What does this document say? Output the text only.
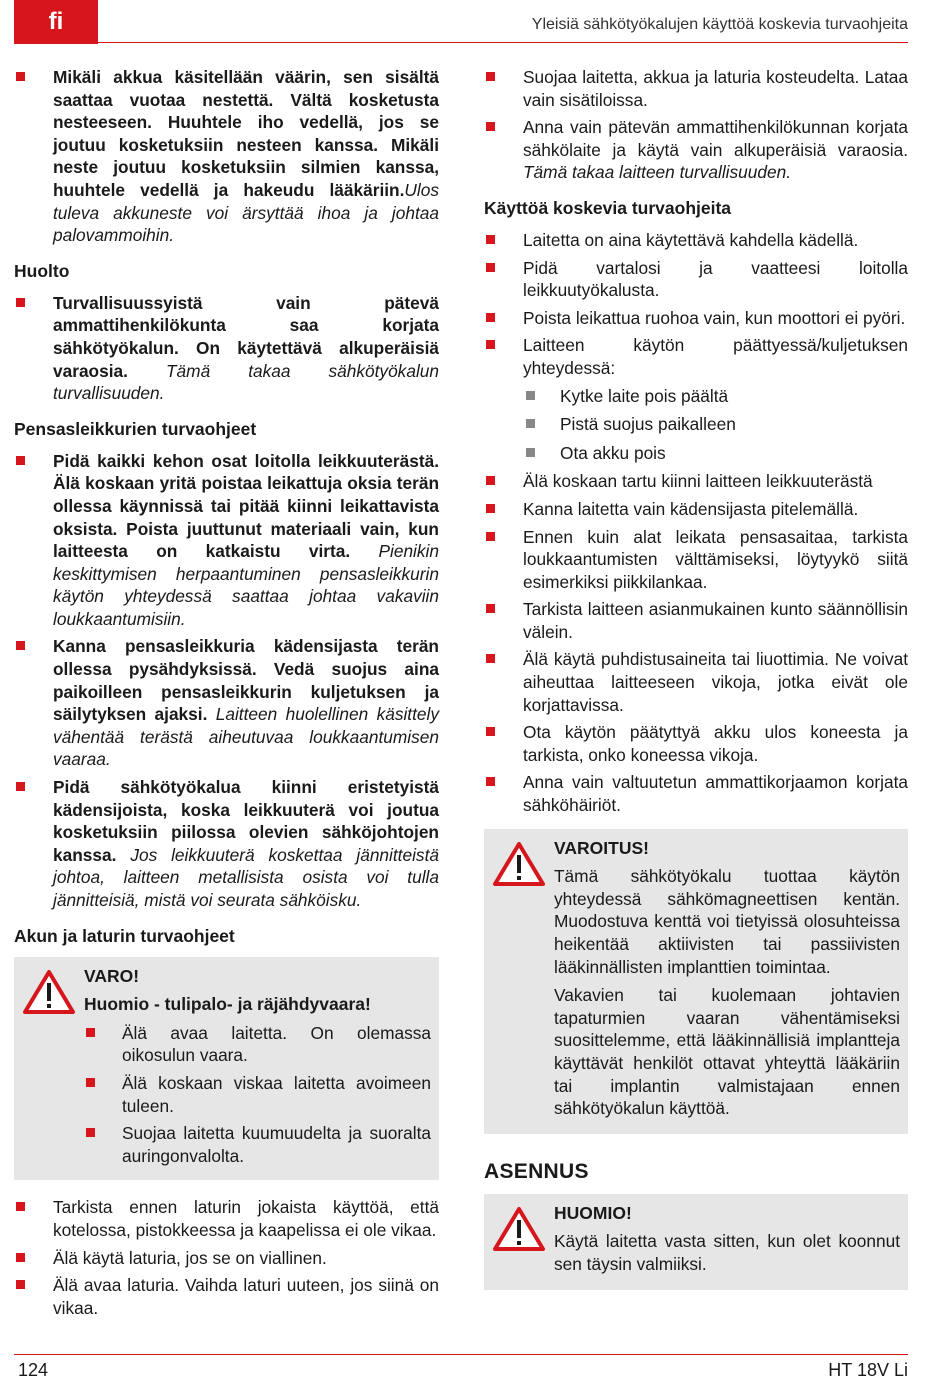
fi	Yleisiä sähkötyökalujen käyttöä koskevia turvaohjeita
Mikäli akkua käsitellään väärin, sen sisältä saattaa vuotaa nestettä. Vältä kosketusta nesteeseen. Huuhtele iho vedellä, jos se joutuu kosketuksiin nesteen kanssa. Mikäli neste joutuu kosketuksiin silmien kanssa, huuhtele vedellä ja hakeudu lääkäriin.Ulos tuleva akkuneste voi ärsyttää ihoa ja johtaa palovammoihin.
Huolto
Turvallisuussyistä vain pätevä ammattihenkilökunta saa korjata sähkötyökalun. On käytettävä alkuperäisiä varaosia. Tämä takaa sähkötyökalun turvallisuuden.
Pensasleikkurien turvaohjeet
Pidä kaikki kehon osat loitolla leikkuuterästä. Älä koskaan yritä poistaa leikattuja oksia terän ollessa käynnissä tai pitää kiinni leikattavista oksista. Poista juuttunut materiaali vain, kun laitteesta on katkaistu virta. Pienikin keskittymisen herpaantuminen pensasleikkurin käytön yhteydessä saattaa johtaa vakaviin loukkaantumisiin.
Kanna pensasleikkuria kädensijasta terän ollessa pysähdyksissä. Vedä suojus aina paikoilleen pensasleikkurin kuljetuksen ja säilytyksen ajaksi. Laitteen huolellinen käsittely vähentää terästä aiheutuvaa loukkaantumisen vaaraa.
Pidä sähkötyökalua kiinni eristetyistä kädensijoista, koska leikkuuterä voi joutua kosketuksiin piilossa olevien sähköjohtojen kanssa. Jos leikkuuterä koskettaa jännitteistä johtoa, laitteen metallisista osista voi tulla jännitteisiä, mistä voi seurata sähköisku.
Akun ja laturin turvaohjeet
VARO!
Huomio - tulipalo- ja räjähdyvaara!
Älä avaa laitetta. On olemassa oikosulun vaara.
Älä koskaan viskaa laitetta avoimeen tuleen.
Suojaa laitetta kuumuudelta ja suoralta auringonvalolta.
Tarkista ennen laturin jokaista käyttöä, että kotelossa, pistokkeessa ja kaapelissa ei ole vikaa.
Älä käytä laturia, jos se on viallinen.
Älä avaa laturia. Vaihda laturi uuteen, jos siinä on vikaa.
Suojaa laitetta, akkua ja laturia kosteudelta. Lataa vain sisätiloissa.
Anna vain pätevän ammattihenkilökunnan korjata sähkölaite ja käytä vain alkuperäisiä varaosia. Tämä takaa laitteen turvallisuuden.
Käyttöä koskevia turvaohjeita
Laitetta on aina käytettävä kahdella kädellä.
Pidä vartalosi ja vaatteesi loitolla leikkuutyökalusta.
Poista leikattua ruohoa vain, kun moottori ei pyöri.
Laitteen käytön päättyessä/kuljetuksen yhteydessä:
Kytke laite pois päältä
Pistä suojus paikalleen
Ota akku pois
Älä koskaan tartu kiinni laitteen leikkuuterästä
Kanna laitetta vain kädensijasta pitelemällä.
Ennen kuin alat leikata pensasaitaa, tarkista loukkaantumisten välttämiseksi, löytyykö siitä esimerkiksi piikkilankaa.
Tarkista laitteen asianmukainen kunto säännöllisin välein.
Älä käytä puhdistusaineita tai liuottimia. Ne voivat aiheuttaa laitteeseen vikoja, jotka eivät ole korjattavissa.
Ota käytön päätyttyä akku ulos koneesta ja tarkista, onko koneessa vikoja.
Anna vain valtuutetun ammattikorjaamon korjata sähköhäiriöt.
VAROITUS!
Tämä sähkötyökalu tuottaa käytön yhteydessä sähkömagneettisen kentän. Muodostuva kenttä voi tietyissä olosuhteissa heikentää aktiivisten tai passiivisten lääkinnällisten implanttien toimintaa.
Vakavien tai kuolemaan johtavien tapaturmien vaaran vähentämiseksi suosittelemme, että lääkinnällisiä implantteja käyttävät henkilöt ottavat yhteyttä lääkäriin tai implantin valmistajaan ennen sähkötyökalun käyttöä.
ASENNUS
HUOMIO!
Käytä laitetta vasta sitten, kun olet koonnut sen täysin valmiiksi.
124	HT 18V Li
